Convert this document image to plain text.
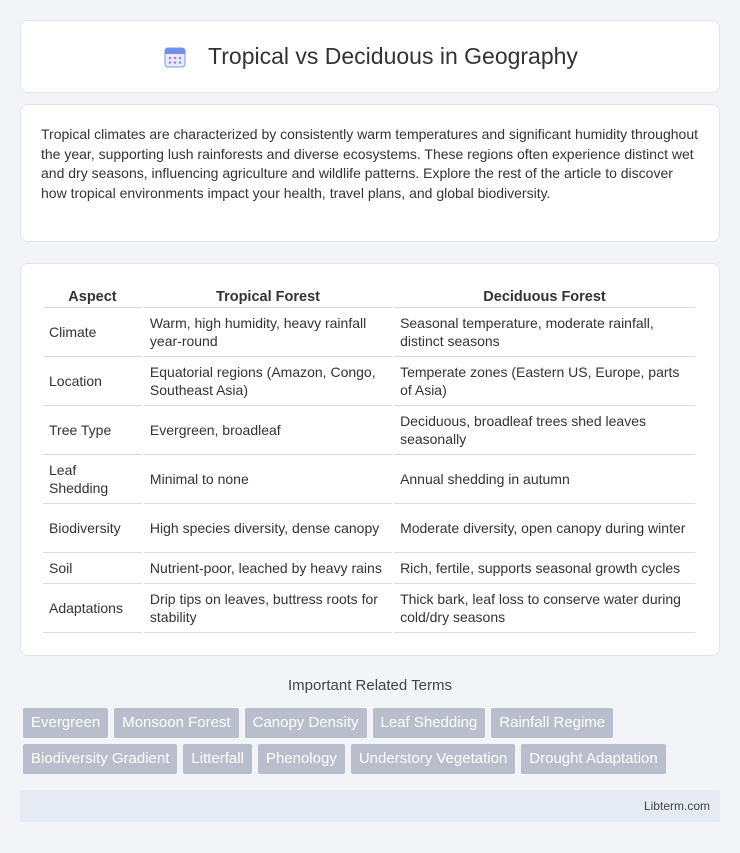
Tropical vs Deciduous in Geography

Tropical climates are characterized by consistently warm temperatures and significant humidity throughout the year, supporting lush rainforests and diverse ecosystems. These regions often experience distinct wet and dry seasons, influencing agriculture and wildlife patterns. Explore the rest of the article to discover how tropical environments impact your health, travel plans, and global biodiversity.

Aspect	Tropical Forest	Deciduous Forest
Climate	Warm, high humidity, heavy rainfall year-round	Seasonal temperature, moderate rainfall, distinct seasons
Location	Equatorial regions (Amazon, Congo, Southeast Asia)	Temperate zones (Eastern US, Europe, parts of Asia)
Tree Type	Evergreen, broadleaf	Deciduous, broadleaf trees shed leaves seasonally
Leaf Shedding	Minimal to none	Annual shedding in autumn
Biodiversity	High species diversity, dense canopy	Moderate diversity, open canopy during winter
Soil	Nutrient-poor, leached by heavy rains	Rich, fertile, supports seasonal growth cycles
Adaptations	Drip tips on leaves, buttress roots for stability	Thick bark, leaf loss to conserve water during cold/dry seasons
Important Related Terms
Evergreen	Monsoon Forest	Canopy Density	Leaf Shedding	Rainfall Regime
Biodiversity Gradient	Litterfall	Phenology	Understory Vegetation	Drought Adaptation
Libterm.com
